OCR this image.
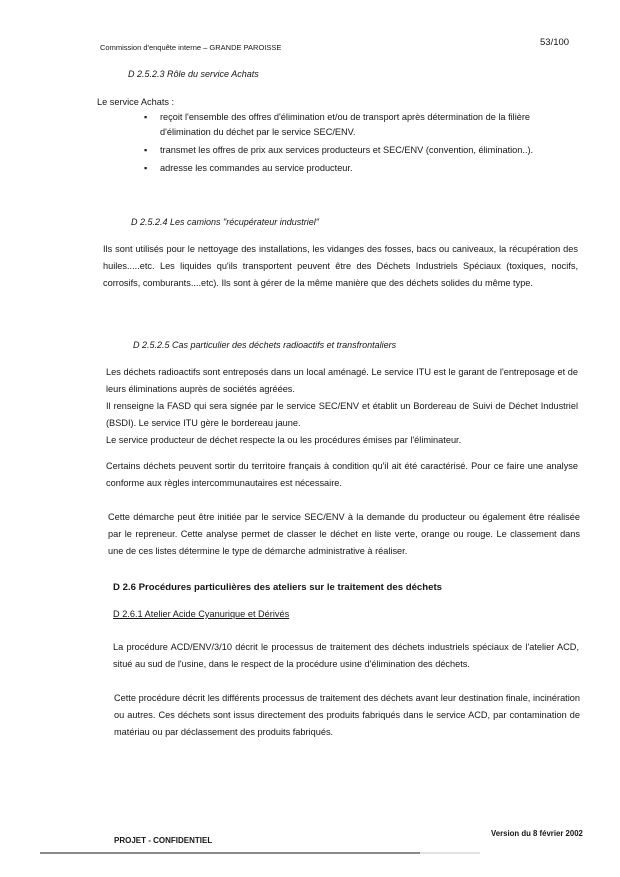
Commission d'enquête interne – GRANDE PAROISSE	53/100
D 2.5.2.3 Rôle du service Achats
Le service Achats :
▪ reçoit l'ensemble des offres d'élimination et/ou de transport après détermination de la filière d'élimination du déchet par le service SEC/ENV.
▪ transmet les offres de prix aux services producteurs et SEC/ENV (convention, élimination..).
▪ adresse les commandes au service producteur.
D 2.5.2.4 Les camions "récupérateur industriel"
Ils sont utilisés pour le nettoyage des installations, les vidanges des fosses, bacs ou caniveaux, la récupération des huiles.....etc. Les liquides qu'ils transportent peuvent être des Déchets Industriels Spéciaux (toxiques, nocifs, corrosifs, comburants....etc). Ils sont à gérer de la même manière que des déchets solides du même type.
D 2.5.2.5 Cas particulier des déchets radioactifs et transfrontaliers
Les déchets radioactifs sont entreposés dans un local aménagé. Le service ITU est le garant de l'entreposage et de leurs éliminations auprès de sociétés agréées.
Il renseigne la FASD qui sera signée par le service SEC/ENV et établit un Bordereau de Suivi de Déchet Industriel (BSDI). Le service ITU gère le bordereau jaune.
Le service producteur de déchet respecte la ou les procédures émises par l'éliminateur.
Certains déchets peuvent sortir du territoire français à condition qu'il ait été caractérisé. Pour ce faire une analyse conforme aux règles intercommunautaires est nécessaire.
Cette démarche peut être initiée par le service SEC/ENV à la demande du producteur ou également être réalisée par le repreneur. Cette analyse permet de classer le déchet en liste verte, orange ou rouge. Le classement dans une de ces listes détermine le type de démarche administrative à réaliser.
D 2.6 Procédures particulières des ateliers sur le traitement des déchets
D 2.6.1 Atelier Acide Cyanurique et Dérivés
La procédure ACD/ENV/3/10 décrit le processus de traitement des déchets industriels spéciaux de l'atelier ACD, situé au sud de l'usine, dans le respect de la procédure usine d'élimination des déchets.
Cette procédure décrit les différents processus de traitement des déchets avant leur destination finale, incinération ou autres. Ces déchets sont issus directement des produits fabriqués dans le service ACD, par contamination de matériau ou par déclassement des produits fabriqués.
PROJET - CONFIDENTIEL
Version du 8 février 2002
